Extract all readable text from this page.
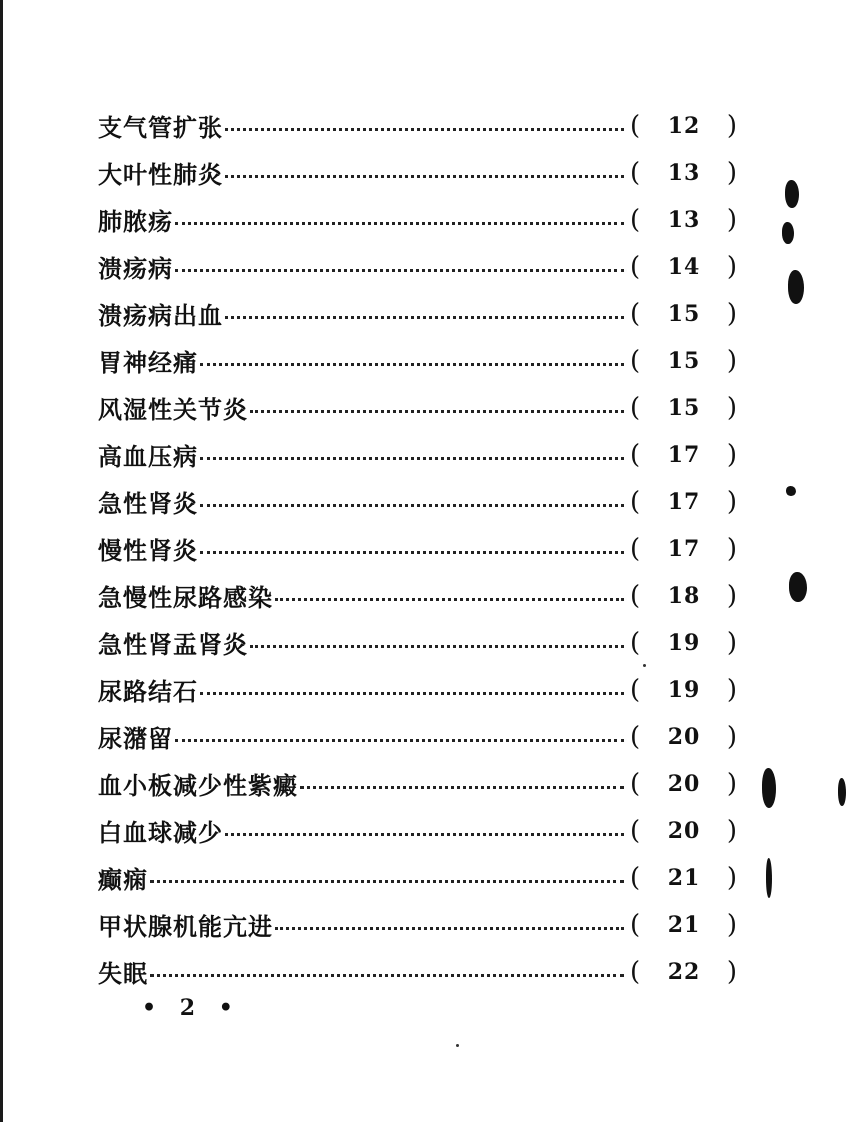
支气管扩张	( 12 )
大叶性肺炎	( 13 )
肺脓疡	( 13 )
溃疡病	( 14 )
溃疡病出血	( 15 )
胃神经痛	( 15 )
风湿性关节炎	( 15 )
高血压病	( 17 )
急性肾炎	( 17 )
慢性肾炎	( 17 )
急慢性尿路感染	( 18 )
急性肾盂肾炎	( 19 )
尿路结石	( 19 )
尿潴留	( 20 )
血小板减少性紫癜	( 20 )
白血球减少	( 20 )
癫痫	( 21 )
甲状腺机能亢进	( 21 )
失眠	( 22 )
• 2 •
